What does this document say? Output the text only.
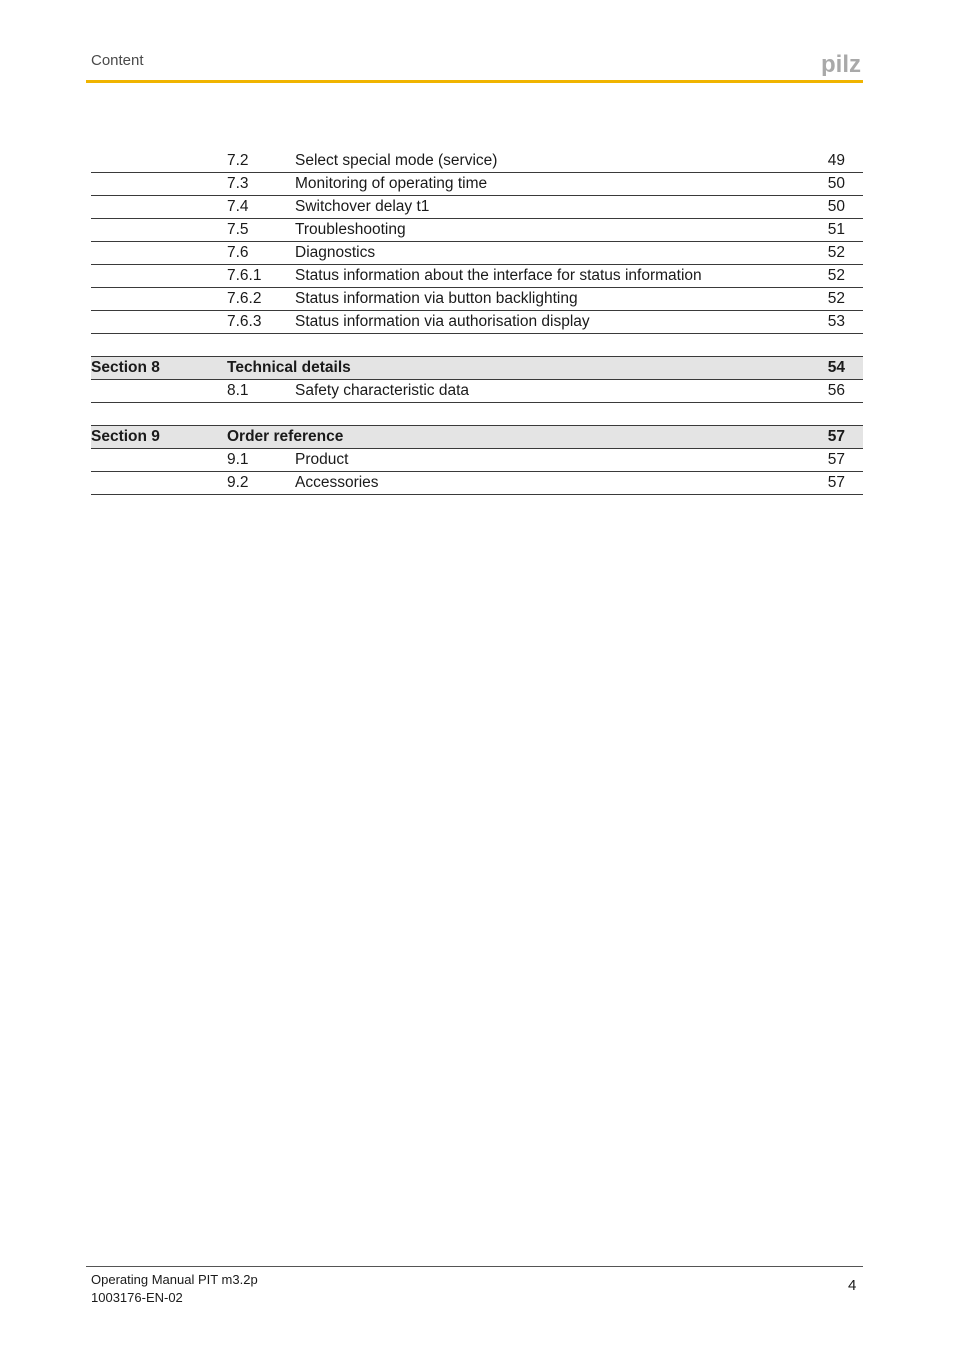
Content	pilz
7.2	Select special mode (service)	49
7.3	Monitoring of operating time	50
7.4	Switchover delay t1	50
7.5	Troubleshooting	51
7.6	Diagnostics	52
7.6.1 Status information about the interface for status information	52
7.6.2 Status information via button backlighting	52
7.6.3 Status information via authorisation display	53
Section 8	Technical details	54
8.1	Safety characteristic data	56
Section 9	Order reference	57
9.1	Product	57
9.2	Accessories	57
Operating Manual PIT m3.2p
1003176-EN-02
4
